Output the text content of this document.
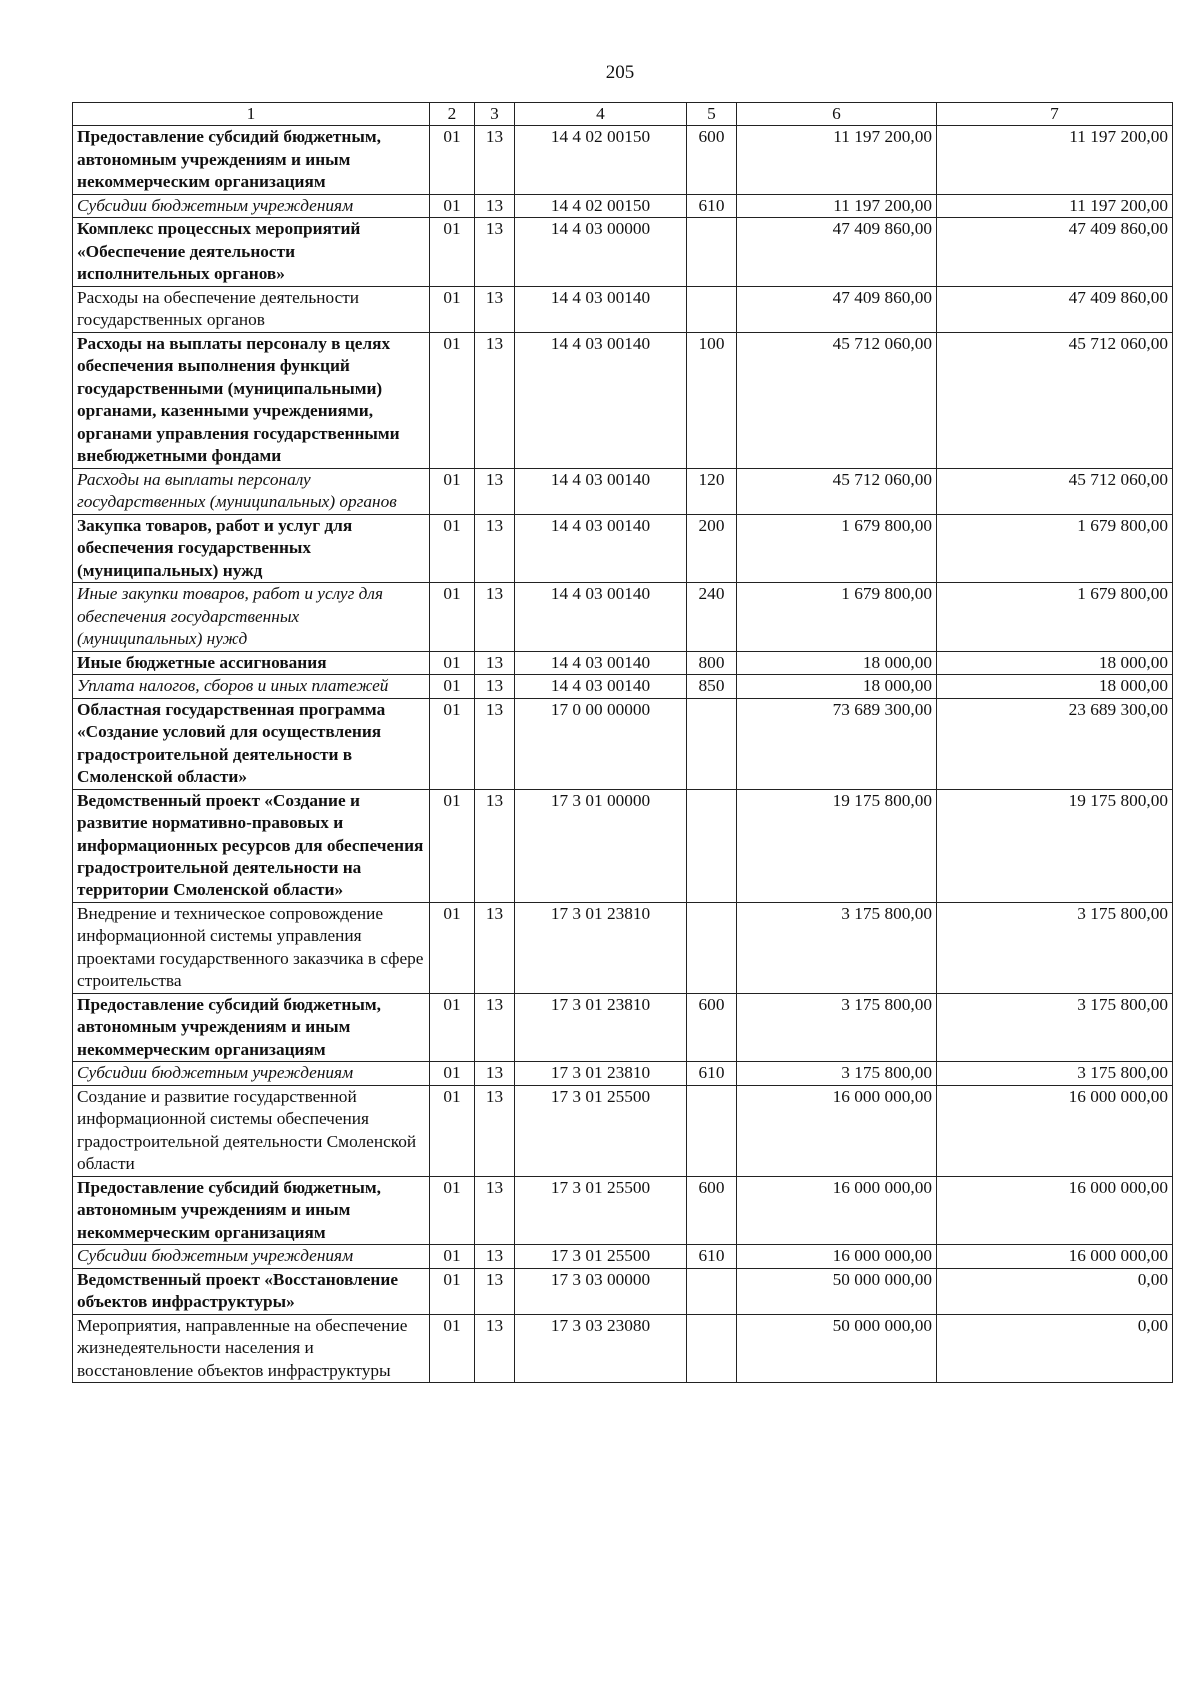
205
1	2	3	4	5	6	7
Предоставление субсидий бюджетным, автономным учреждениям и иным некоммерческим организациям	01	13	14 4 02 00150	600	11 197 200,00	11 197 200,00
Субсидии бюджетным учреждениям	01	13	14 4 02 00150	610	11 197 200,00	11 197 200,00
Комплекс процессных мероприятий «Обеспечение деятельности исполнительных органов»	01	13	14 4 03 00000		47 409 860,00	47 409 860,00
Расходы на обеспечение деятельности государственных органов	01	13	14 4 03 00140		47 409 860,00	47 409 860,00
Расходы на выплаты персоналу в целях обеспечения выполнения функций государственными (муниципальными) органами, казенными учреждениями, органами управления государственными внебюджетными фондами	01	13	14 4 03 00140	100	45 712 060,00	45 712 060,00
Расходы на выплаты персоналу государственных (муниципальных) органов	01	13	14 4 03 00140	120	45 712 060,00	45 712 060,00
Закупка товаров, работ и услуг для обеспечения государственных (муниципальных) нужд	01	13	14 4 03 00140	200	1 679 800,00	1 679 800,00
Иные закупки товаров, работ и услуг для обеспечения государственных (муниципальных) нужд	01	13	14 4 03 00140	240	1 679 800,00	1 679 800,00
Иные бюджетные ассигнования	01	13	14 4 03 00140	800	18 000,00	18 000,00
Уплата налогов, сборов и иных платежей	01	13	14 4 03 00140	850	18 000,00	18 000,00
Областная государственная программа «Создание условий для осуществления градостроительной деятельности в Смоленской области»	01	13	17 0 00 00000		73 689 300,00	23 689 300,00
Ведомственный проект «Создание и развитие нормативно-правовых и информационных ресурсов для обеспечения градостроительной деятельности на территории Смоленской области»	01	13	17 3 01 00000		19 175 800,00	19 175 800,00
Внедрение и техническое сопровождение информационной системы управления проектами государственного заказчика в сфере строительства	01	13	17 3 01 23810		3 175 800,00	3 175 800,00
Предоставление субсидий бюджетным, автономным учреждениям и иным некоммерческим организациям	01	13	17 3 01 23810	600	3 175 800,00	3 175 800,00
Субсидии бюджетным учреждениям	01	13	17 3 01 23810	610	3 175 800,00	3 175 800,00
Создание и развитие государственной информационной системы обеспечения градостроительной деятельности Смоленской области	01	13	17 3 01 25500		16 000 000,00	16 000 000,00
Предоставление субсидий бюджетным, автономным учреждениям и иным некоммерческим организациям	01	13	17 3 01 25500	600	16 000 000,00	16 000 000,00
Субсидии бюджетным учреждениям	01	13	17 3 01 25500	610	16 000 000,00	16 000 000,00
Ведомственный проект «Восстановление объектов инфраструктуры»	01	13	17 3 03 00000		50 000 000,00	0,00
Мероприятия, направленные на обеспечение жизнедеятельности населения и восстановление объектов инфраструктуры	01	13	17 3 03 23080		50 000 000,00	0,00
